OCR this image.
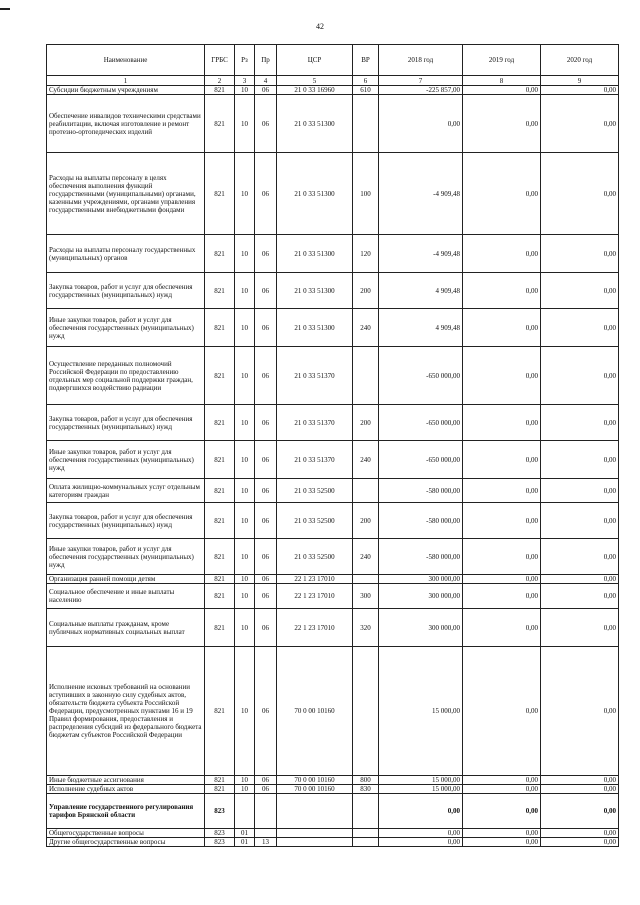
42
Наименование	ГРБС	Рз	Пр	ЦСР	ВР	2018 год	2019 год	2020 год
1	2	3	4	5	6	7	8	9
Субсидии бюджетным учреждениям	821	10	06	21 0 33 16960	610	-225 857,00	0,00	0,00
Обеспечение инвалидов техническими средствами реабилитации, включая изготовление и ремонт протезно-ортопедических изделий	821	10	06	21 0 33 51300		0,00	0,00	0,00
Расходы на выплаты персоналу в целях обеспечения выполнения функций государственными (муниципальными) органами, казенными учреждениями, органами управления государственными внебюджетными фондами	821	10	06	21 0 33 51300	100	-4 909,48	0,00	0,00
Расходы на выплаты персоналу государственных (муниципальных) органов	821	10	06	21 0 33 51300	120	-4 909,48	0,00	0,00
Закупка товаров, работ и услуг для обеспечения государственных (муниципальных) нужд	821	10	06	21 0 33 51300	200	4 909,48	0,00	0,00
Иные закупки товаров, работ и услуг для обеспечения государственных (муниципальных) нужд	821	10	06	21 0 33 51300	240	4 909,48	0,00	0,00
Осуществление переданных полномочий Российской Федерации по предоставлению отдельных мер социальной поддержки граждан, подвергшихся воздействию радиации	821	10	06	21 0 33 51370		-650 000,00	0,00	0,00
Закупка товаров, работ и услуг для обеспечения государственных (муниципальных) нужд	821	10	06	21 0 33 51370	200	-650 000,00	0,00	0,00
Иные закупки товаров, работ и услуг для обеспечения государственных (муниципальных) нужд	821	10	06	21 0 33 51370	240	-650 000,00	0,00	0,00
Оплата жилищно-коммунальных услуг отдельным категориям граждан	821	10	06	21 0 33 52500		-580 000,00	0,00	0,00
Закупка товаров, работ и услуг для обеспечения государственных (муниципальных) нужд	821	10	06	21 0 33 52500	200	-580 000,00	0,00	0,00
Иные закупки товаров, работ и услуг для обеспечения государственных (муниципальных) нужд	821	10	06	21 0 33 52500	240	-580 000,00	0,00	0,00
Организация ранней помощи детям	821	10	06	22 1 23 17010		300 000,00	0,00	0,00
Социальное обеспечение и иные выплаты населению	821	10	06	22 1 23 17010	300	300 000,00	0,00	0,00
Социальные выплаты гражданам, кроме публичных нормативных социальных выплат	821	10	06	22 1 23 17010	320	300 000,00	0,00	0,00
Исполнение исковых требований на основании вступивших в законную силу судебных актов, обязательств бюджета субъекта Российской Федерации, предусмотренных пунктами 16 и 19 Правил формирования, предоставления и распределения субсидий из федерального бюджета бюджетам субъектов Российской Федерации	821	10	06	70 0 00 10160		15 000,00	0,00	0,00
Иные бюджетные ассигнования	821	10	06	70 0 00 10160	800	15 000,00	0,00	0,00
Исполнение судебных актов	821	10	06	70 0 00 10160	830	15 000,00	0,00	0,00
Управление государственного регулирования тарифов Брянской области	823					0,00	0,00	0,00
Общегосударственные вопросы	823	01				0,00	0,00	0,00
Другие общегосударственные вопросы	823	01	13			0,00	0,00	0,00
